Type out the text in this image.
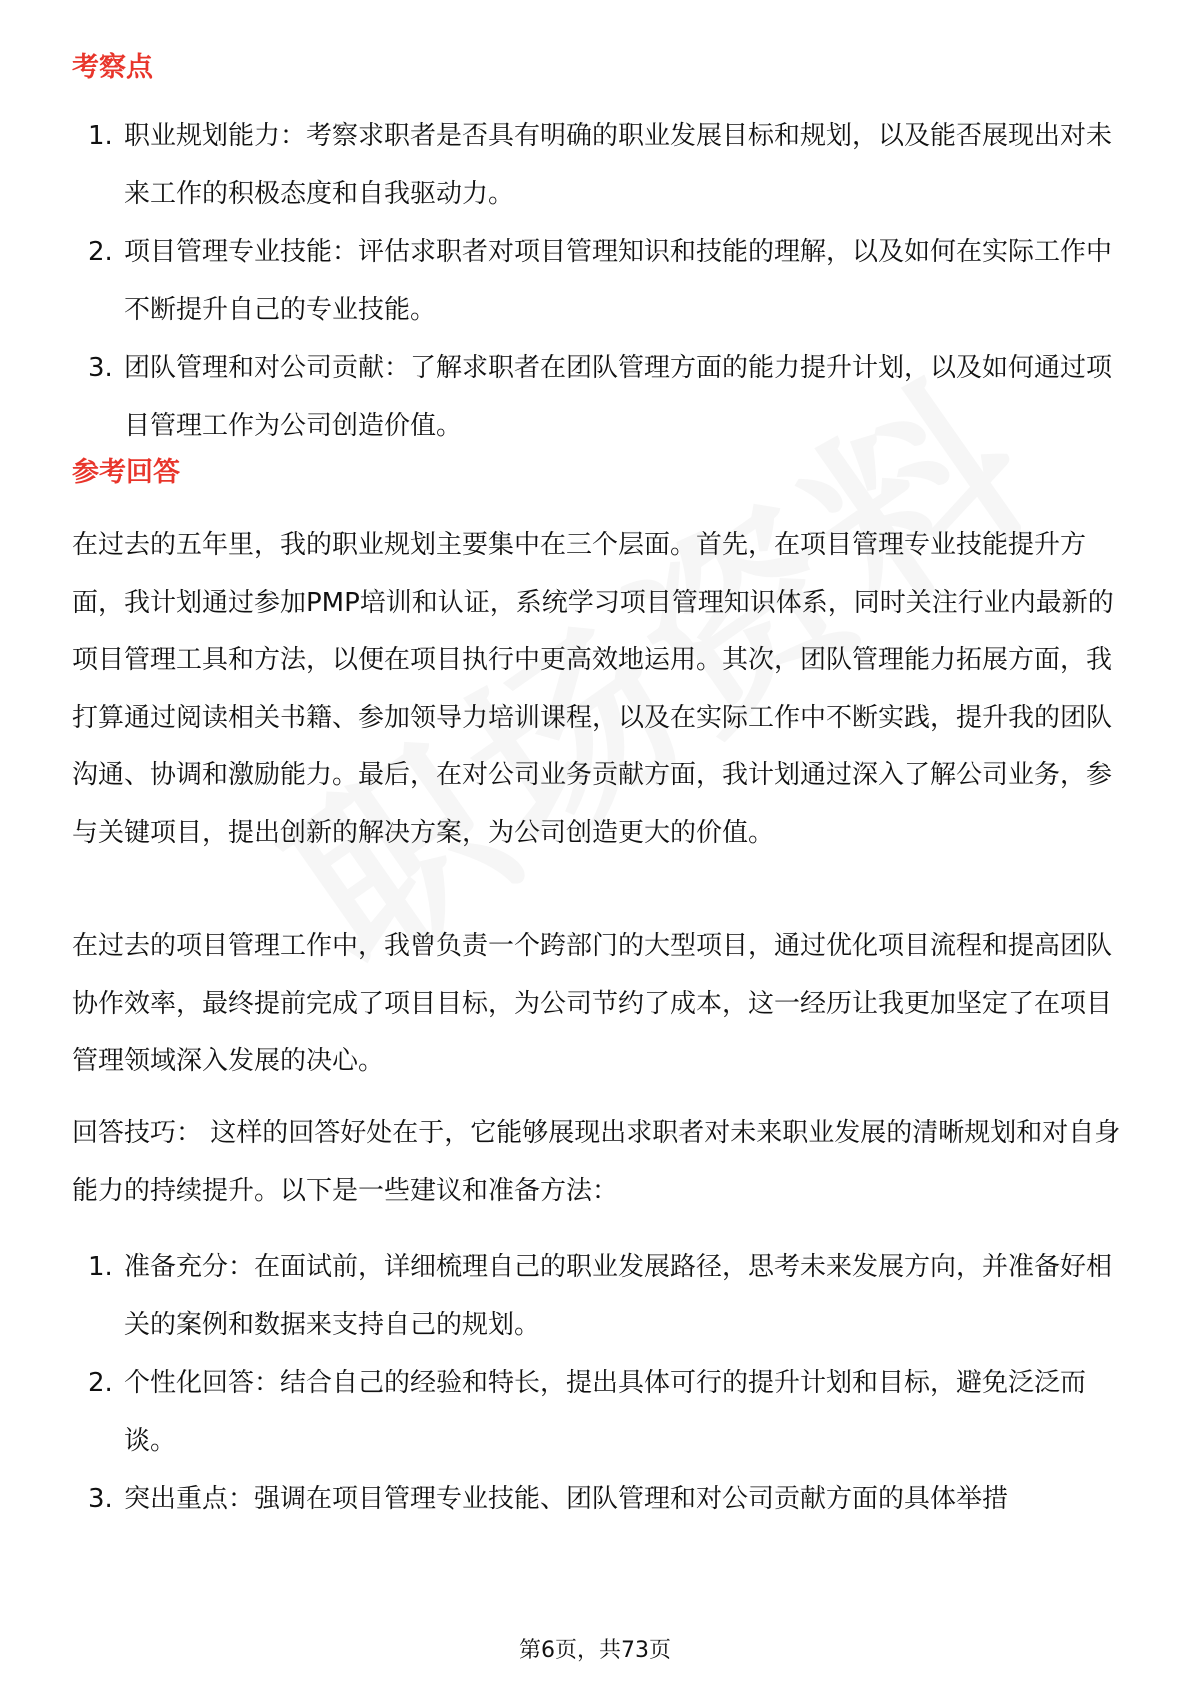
考察点
1. 职业规划能力：考察求职者是否具有明确的职业发展目标和规划，以及能否展现出对未来工作的积极态度和自我驱动力。
2. 项目管理专业技能：评估求职者对项目管理知识和技能的理解，以及如何在实际工作中不断提升自己的专业技能。
3. 团队管理和对公司贡献：了解求职者在团队管理方面的能力提升计划，以及如何通过项目管理工作为公司创造价值。
参考回答

在过去的五年里，我的职业规划主要集中在三个层面。首先，在项目管理专业技能提升方面，我计划通过参加PMP培训和认证，系统学习项目管理知识体系，同时关注行业内最新的项目管理工具和方法，以便在项目执行中更高效地运用。其次，团队管理能力拓展方面，我打算通过阅读相关书籍、参加领导力培训课程，以及在实际工作中不断实践，提升我的团队沟通、协调和激励能力。最后，在对公司业务贡献方面，我计划通过深入了解公司业务，参与关键项目，提出创新的解决方案，为公司创造更大的价值。

在过去的项目管理工作中，我曾负责一个跨部门的大型项目，通过优化项目流程和提高团队协作效率，最终提前完成了项目目标，为公司节约了成本，这一经历让我更加坚定了在项目管理领域深入发展的决心。

回答技巧： 这样的回答好处在于，它能够展现出求职者对未来职业发展的清晰规划和对自身能力的持续提升。以下是一些建议和准备方法：

1. 准备充分：在面试前，详细梳理自己的职业发展路径，思考未来发展方向，并准备好相关的案例和数据来支持自己的规划。
2. 个性化回答：结合自己的经验和特长，提出具体可行的提升计划和目标，避免泛泛而谈。
3. 突出重点：强调在项目管理专业技能、团队管理和对公司贡献方面的具体举措
第6页，共73页
